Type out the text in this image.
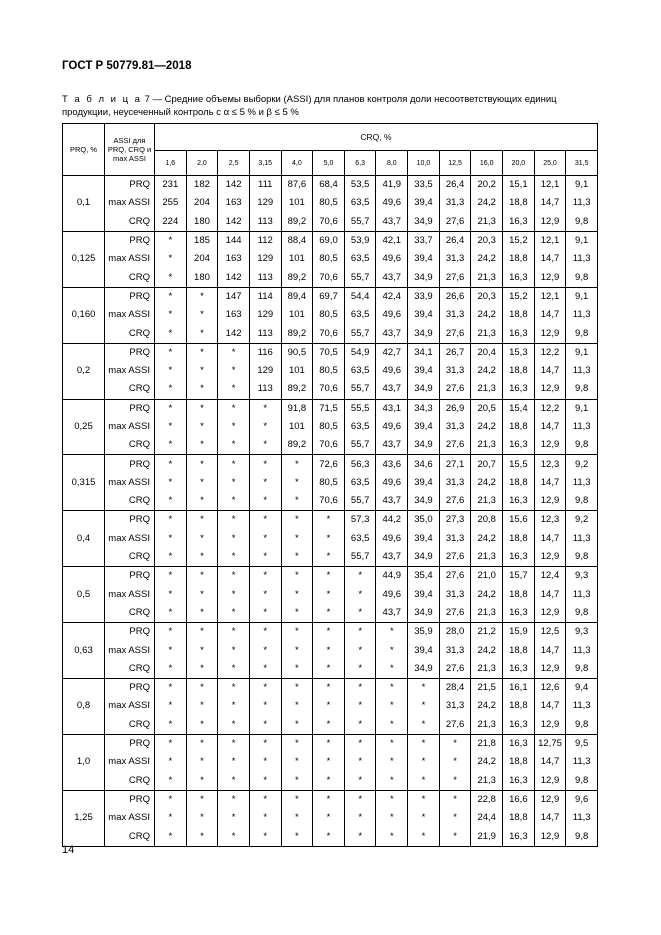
ГОСТ Р 50779.81—2018
Т а б л и ц а 7 — Средние объемы выборки (ASSI) для планов контроля доли несоответствующих единиц продукции, неусеченный контроль с α ≤ 5 % и β ≤ 5 %
PRQ, %	ASSI для PRQ, CRQ и max ASSI	CRQ, %													
		1,6	2,0	2,5	3,15	4,0	5,0	6,3	8,0	10,0	12,5	16,0	20,0	25,0	31,5
0,1	PRQ	231	182	142	111	87,6	68,4	53,5	41,9	33,5	26,4	20,2	15,1	12,1	9,1
	max ASSI	255	204	163	129	101	80,5	63,5	49,6	39,4	31,3	24,2	18,8	14,7	11,3
	CRQ	224	180	142	113	89,2	70,6	55,7	43,7	34,9	27,6	21,3	16,3	12,9	9,8
0,125	PRQ	*	185	144	112	88,4	69,0	53,9	42,1	33,7	26,4	20,3	15,2	12,1	9,1
	max ASSI	*	204	163	129	101	80,5	63,5	49,6	39,4	31,3	24,2	18,8	14,7	11,3
	CRQ	*	180	142	113	89,2	70,6	55,7	43,7	34,9	27,6	21,3	16,3	12,9	9,8
0,160	PRQ	*	*	147	114	89,4	69,7	54,4	42,4	33,9	26,6	20,3	15,2	12,1	9,1
	max ASSI	*	*	163	129	101	80,5	63,5	49,6	39,4	31,3	24,2	18,8	14,7	11,3
	CRQ	*	*	142	113	89,2	70,6	55,7	43,7	34,9	27,6	21,3	16,3	12,9	9,8
0,2	PRQ	*	*	*	116	90,5	70,5	54,9	42,7	34,1	26,7	20,4	15,3	12,2	9,1
	max ASSI	*	*	*	129	101	80,5	63,5	49,6	39,4	31,3	24,2	18,8	14,7	11,3
	CRQ	*	*	*	113	89,2	70,6	55,7	43,7	34,9	27,6	21,3	16,3	12,9	9,8
0,25	PRQ	*	*	*	*	91,8	71,5	55,5	43,1	34,3	26,9	20,5	15,4	12,2	9,1
	max ASSI	*	*	*	*	101	80,5	63,5	49,6	39,4	31,3	24,2	18,8	14,7	11,3
	CRQ	*	*	*	*	89,2	70,6	55,7	43,7	34,9	27,6	21,3	16,3	12,9	9,8
0,315	PRQ	*	*	*	*	*	72,6	56,3	43,6	34,6	27,1	20,7	15,5	12,3	9,2
	max ASSI	*	*	*	*	*	80,5	63,5	49,6	39,4	31,3	24,2	18,8	14,7	11,3
	CRQ	*	*	*	*	*	70,6	55,7	43,7	34,9	27,6	21,3	16,3	12,9	9,8
0,4	PRQ	*	*	*	*	*	*	57,3	44,2	35,0	27,3	20,8	15,6	12,3	9,2
	max ASSI	*	*	*	*	*	*	63,5	49,6	39,4	31,3	24,2	18,8	14,7	11,3
	CRQ	*	*	*	*	*	*	55,7	43,7	34,9	27,6	21,3	16,3	12,9	9,8
0,5	PRQ	*	*	*	*	*	*	*	44,9	35,4	27,6	21,0	15,7	12,4	9,3
	max ASSI	*	*	*	*	*	*	*	49,6	39,4	31,3	24,2	18,8	14,7	11,3
	CRQ	*	*	*	*	*	*	*	43,7	34,9	27,6	21,3	16,3	12,9	9,8
0,63	PRQ	*	*	*	*	*	*	*	*	35,9	28,0	21,2	15,9	12,5	9,3
	max ASSI	*	*	*	*	*	*	*	*	39,4	31,3	24,2	18,8	14,7	11,3
	CRQ	*	*	*	*	*	*	*	*	34,9	27,6	21,3	16,3	12,9	9,8
0,8	PRQ	*	*	*	*	*	*	*	*	*	28,4	21,5	16,1	12,6	9,4
	max ASSI	*	*	*	*	*	*	*	*	*	31,3	24,2	18,8	14,7	11,3
	CRQ	*	*	*	*	*	*	*	*	*	27,6	21,3	16,3	12,9	9,8
1,0	PRQ	*	*	*	*	*	*	*	*	*	*	21,8	16,3	12,75	9,5
	max ASSI	*	*	*	*	*	*	*	*	*	*	24,2	18,8	14,7	11,3
	CRQ	*	*	*	*	*	*	*	*	*	*	21,3	16,3	12,9	9,8
1,25	PRQ	*	*	*	*	*	*	*	*	*	*	22,8	16,6	12,9	9,6
	max ASSI	*	*	*	*	*	*	*	*	*	*	24,4	18,8	14,7	11,3
	CRQ	*	*	*	*	*	*	*	*	*	*	21,9	16,3	12,9	9,8
14
